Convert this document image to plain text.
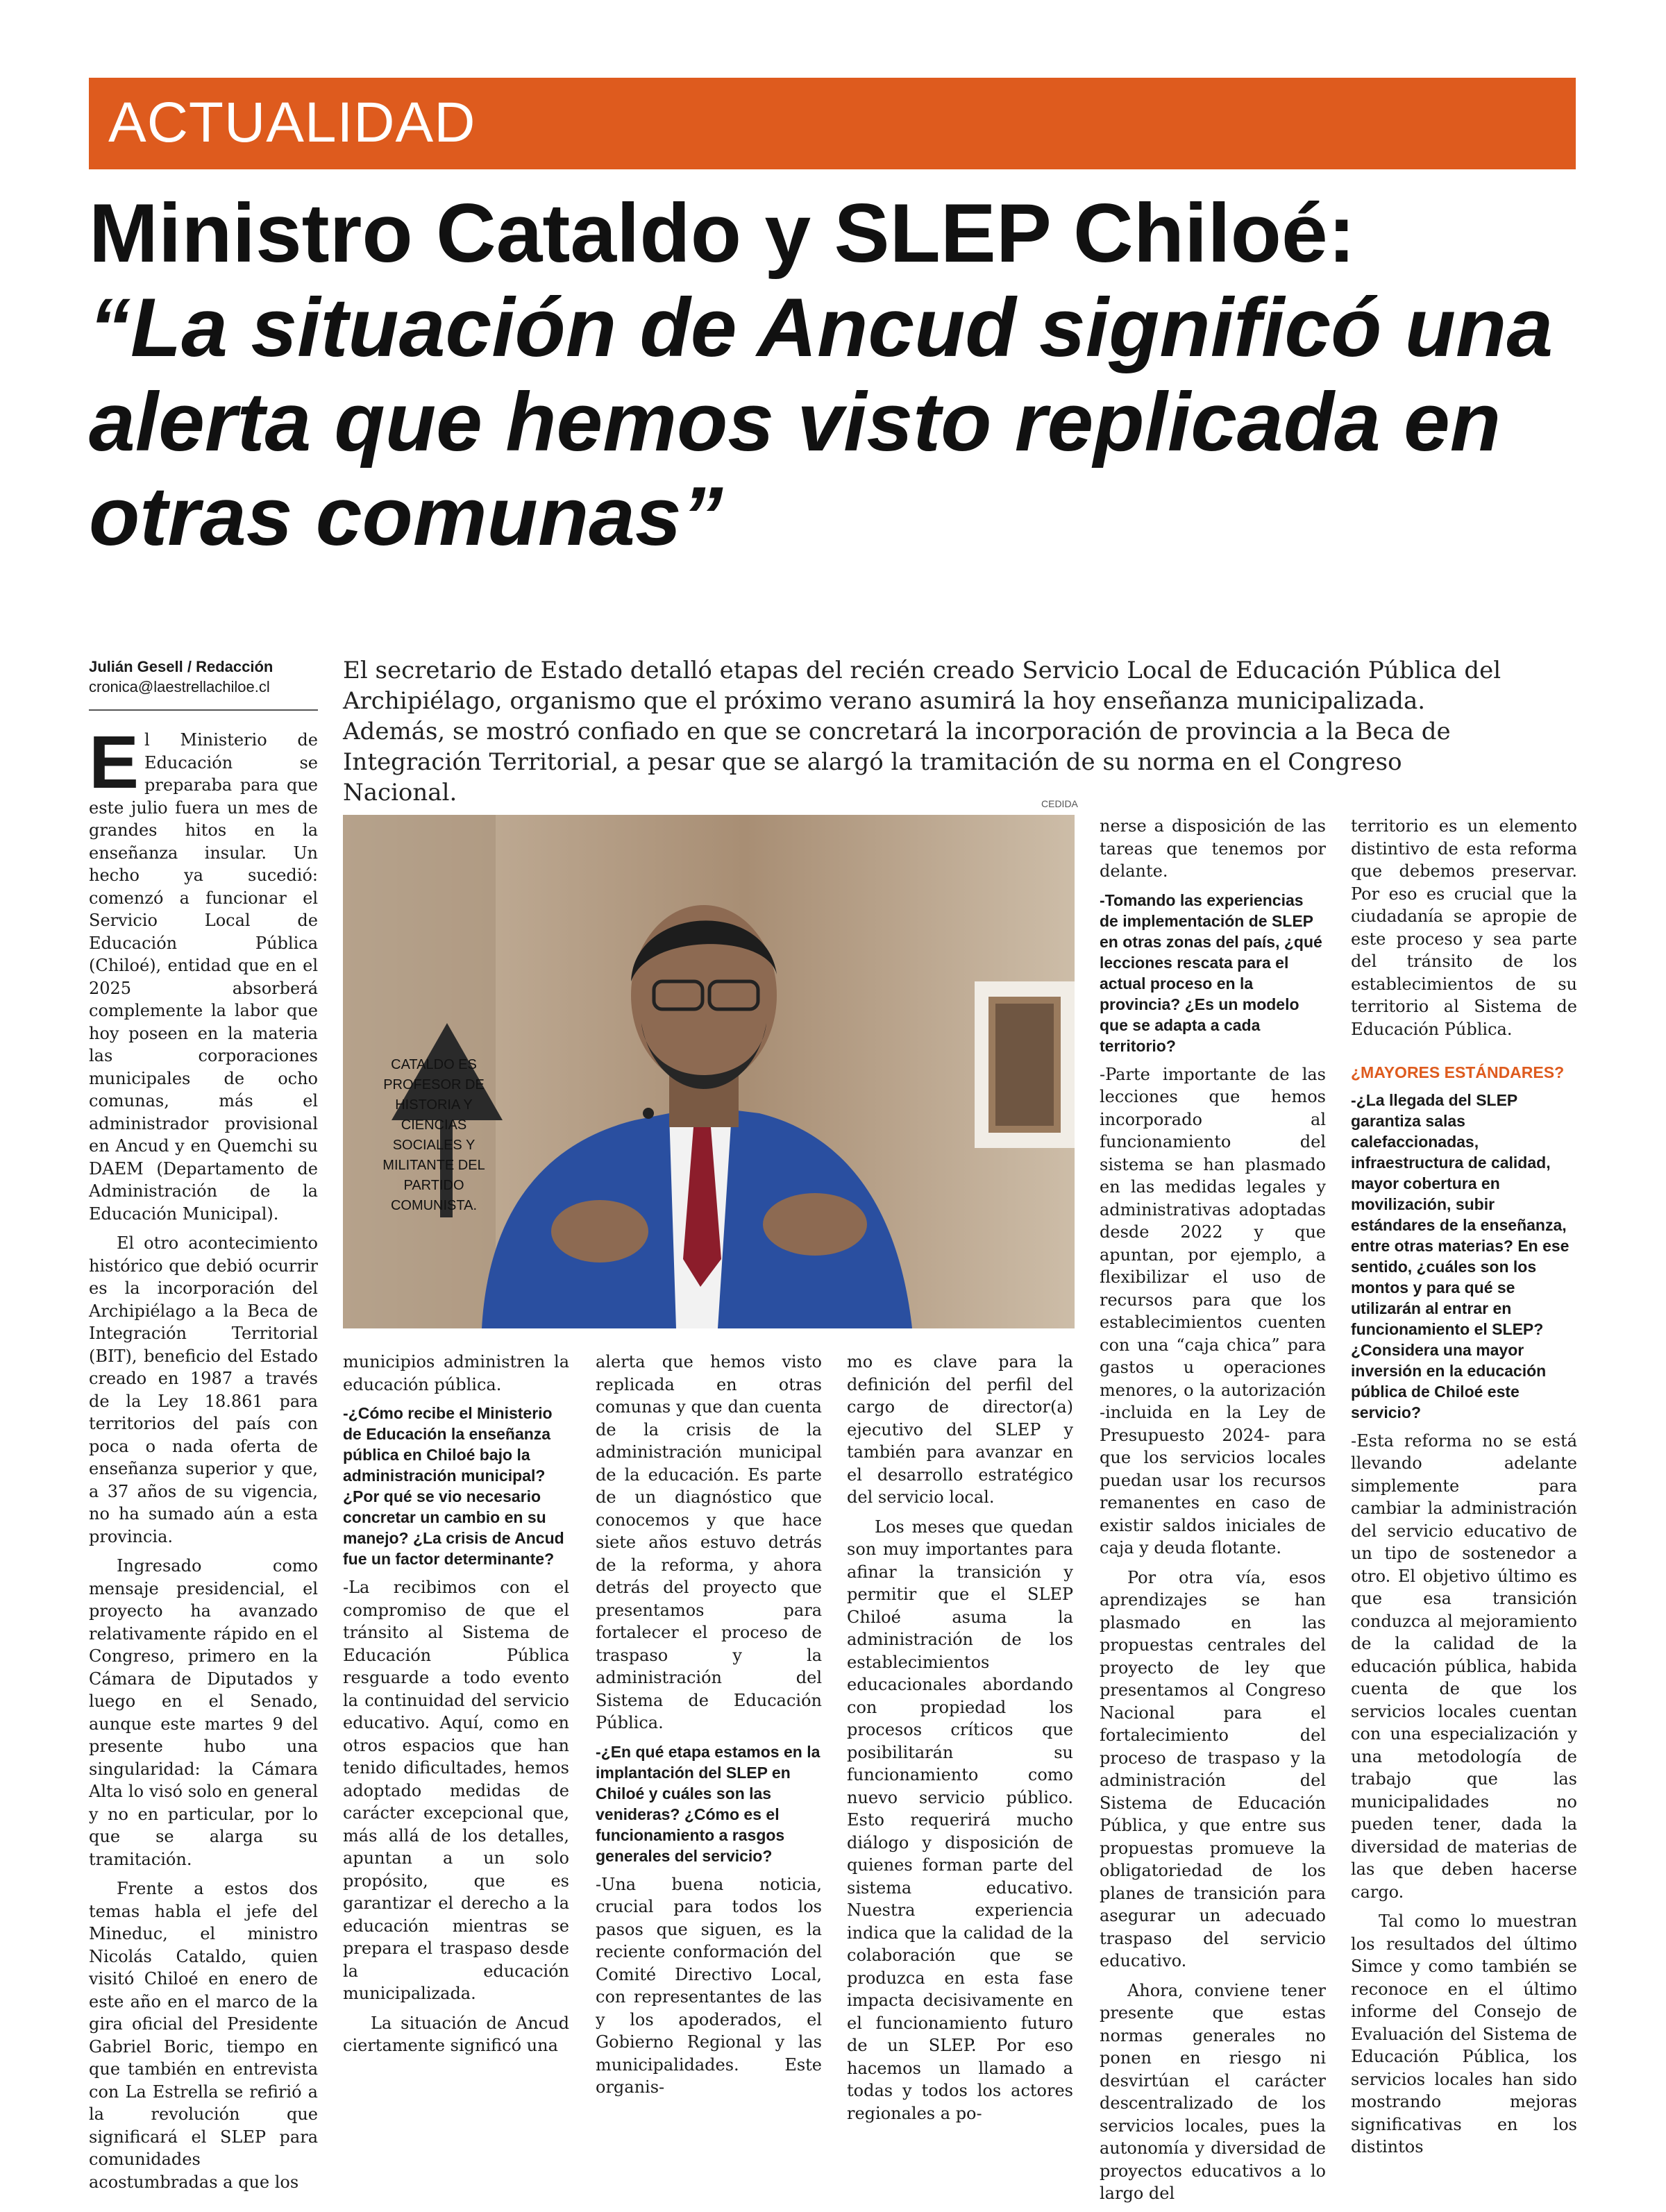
ACTUALIDAD
Ministro Cataldo y SLEP Chiloé:
“La situación de Ancud significó una alerta que hemos visto replicada en otras comunas”
Julián Gesell / Redacción
cronica@laestrellachiloe.cl
El secretario de Estado detalló etapas del recién creado Servicio Local de Educación Pública del Archipiélago, organismo que el próximo verano asumirá la hoy enseñanza municipalizada. Además, se mostró confiado en que se concretará la incorporación de provincia a la Beca de Integración Territorial, a pesar que se alargó la tramitación de su norma en el Congreso Nacional.	CEDIDA
CATALDO ES PROFESOR DE HISTORIA Y CIENCIAS SOCIALES Y MILITANTE DEL PARTIDO COMUNISTA.

El Ministerio de Educación se preparaba para que este julio fuera un mes de grandes hitos en la enseñanza insular. Un hecho ya sucedió: comenzó a funcionar el Servicio Local de Educación Pública (Chiloé), entidad que en el 2025 absorberá complemente la labor que hoy poseen en la materia las corporaciones municipales de ocho comunas, más el administrador provisional en Ancud y en Quemchi su DAEM (Departamento de Administración de la Educación Municipal).

El otro acontecimiento histórico que debió ocurrir es la incorporación del Archipiélago a la Beca de Integración Territorial (BIT), beneficio del Estado creado en 1987 a través de la Ley 18.861 para territorios del país con poca o nada oferta de enseñanza superior y que, a 37 años de su vigencia, no ha sumado aún a esta provincia.

Ingresado como mensaje presidencial, el proyecto ha avanzado relativamente rápido en el Congreso, primero en la Cámara de Diputados y luego en el Senado, aunque este martes 9 del presente hubo una singularidad: la Cámara Alta lo visó solo en general y no en particular, por lo que se alarga su tramitación.

Frente a estos dos temas habla el jefe del Mineduc, el ministro Nicolás Cataldo, quien visitó Chiloé en enero de este año en el marco de la gira oficial del Presidente Gabriel Boric, tiempo en que también en entrevista con La Estrella se refirió a la revolución que significará el SLEP para comunidades acostumbradas a que los

municipios administren la educación pública.

-¿Cómo recibe el Ministerio de Educación la enseñanza pública en Chiloé bajo la administración municipal? ¿Por qué se vio necesario concretar un cambio en su manejo? ¿La crisis de Ancud fue un factor determinante?

-La recibimos con el compromiso de que el tránsito al Sistema de Educación Pública resguarde a todo evento la continuidad del servicio educativo. Aquí, como en otros espacios que han tenido dificultades, hemos adoptado medidas de carácter excepcional que, más allá de los detalles, apuntan a un solo propósito, que es garantizar el derecho a la educación mientras se prepara el traspaso desde la educación municipalizada.

La situación de Ancud ciertamente significó una

alerta que hemos visto replicada en otras comunas y que dan cuenta de la crisis de la administración municipal de la educación. Es parte de un diagnóstico que conocemos y que hace siete años estuvo detrás de la reforma, y ahora detrás del proyecto que presentamos para fortalecer el proceso de traspaso y la administración del Sistema de Educación Pública.

-¿En qué etapa estamos en la implantación del SLEP en Chiloé y cuáles son las venideras? ¿Cómo es el funcionamiento a rasgos generales del servicio?

-Una buena noticia, crucial para todos los pasos que siguen, es la reciente conformación del Comité Directivo Local, con representantes de las y los apoderados, el Gobierno Regional y las municipalidades. Este organis-

mo es clave para la definición del perfil del cargo de director(a) ejecutivo del SLEP y también para avanzar en el desarrollo estratégico del servicio local.

Los meses que quedan son muy importantes para afinar la transición y permitir que el SLEP Chiloé asuma la administración de los establecimientos educacionales abordando con propiedad los procesos críticos que posibilitarán su funcionamiento como nuevo servicio público. Esto requerirá mucho diálogo y disposición de quienes forman parte del sistema educativo. Nuestra experiencia indica que la calidad de la colaboración que se produzca en esta fase impacta decisivamente en el funcionamiento futuro de un SLEP. Por eso hacemos un llamado a todas y todos los actores regionales a po-

nerse a disposición de las tareas que tenemos por delante.

-Tomando las experiencias de implementación de SLEP en otras zonas del país, ¿qué lecciones rescata para el actual proceso en la provincia? ¿Es un modelo que se adapta a cada territorio?

-Parte importante de las lecciones que hemos incorporado al funcionamiento del sistema se han plasmado en las medidas legales y administrativas adoptadas desde 2022 y que apuntan, por ejemplo, a flexibilizar el uso de recursos para que los establecimientos cuenten con una “caja chica” para gastos u operaciones menores, o la autorización -incluida en la Ley de Presupuesto 2024- para que los servicios locales puedan usar los recursos remanentes en caso de existir saldos iniciales de caja y deuda flotante.

Por otra vía, esos aprendizajes se han plasmado en las propuestas centrales del proyecto de ley que presentamos al Congreso Nacional para el fortalecimiento del proceso de traspaso y la administración del Sistema de Educación Pública, y que entre sus propuestas promueve la obligatoriedad de los planes de transición para asegurar un adecuado traspaso del servicio educativo.

Ahora, conviene tener presente que estas normas generales no ponen en riesgo ni desvirtúan el carácter descentralizado de los servicios locales, pues la autonomía y diversidad de proyectos educativos a lo largo del

territorio es un elemento distintivo de esta reforma que debemos preservar. Por eso es crucial que la ciudadanía se apropie de este proceso y sea parte del tránsito de los establecimientos de su territorio al Sistema de Educación Pública.

¿MAYORES ESTÁNDARES?
-¿La llegada del SLEP garantiza salas calefaccionadas, infraestructura de calidad, mayor cobertura en movilización, subir estándares de la enseñanza, entre otras materias? En ese sentido, ¿cuáles son los montos y para qué se utilizarán al entrar en funcionamiento el SLEP? ¿Considera una mayor inversión en la educación pública de Chiloé este servicio?

-Esta reforma no se está llevando adelante simplemente para cambiar la administración del servicio educativo de un tipo de sostenedor a otro. El objetivo último es que esa transición conduzca al mejoramiento de la calidad de la educación pública, habida cuenta de que los servicios locales cuentan con una especialización y una metodología de trabajo que las municipalidades no pueden tener, dada la diversidad de materias de las que deben hacerse cargo.

Tal como lo muestran los resultados del último Simce y como también se reconoce en el último informe del Consejo de Evaluación del Sistema de Educación Pública, los servicios locales han sido mostrando mejoras significativas en los distintos
